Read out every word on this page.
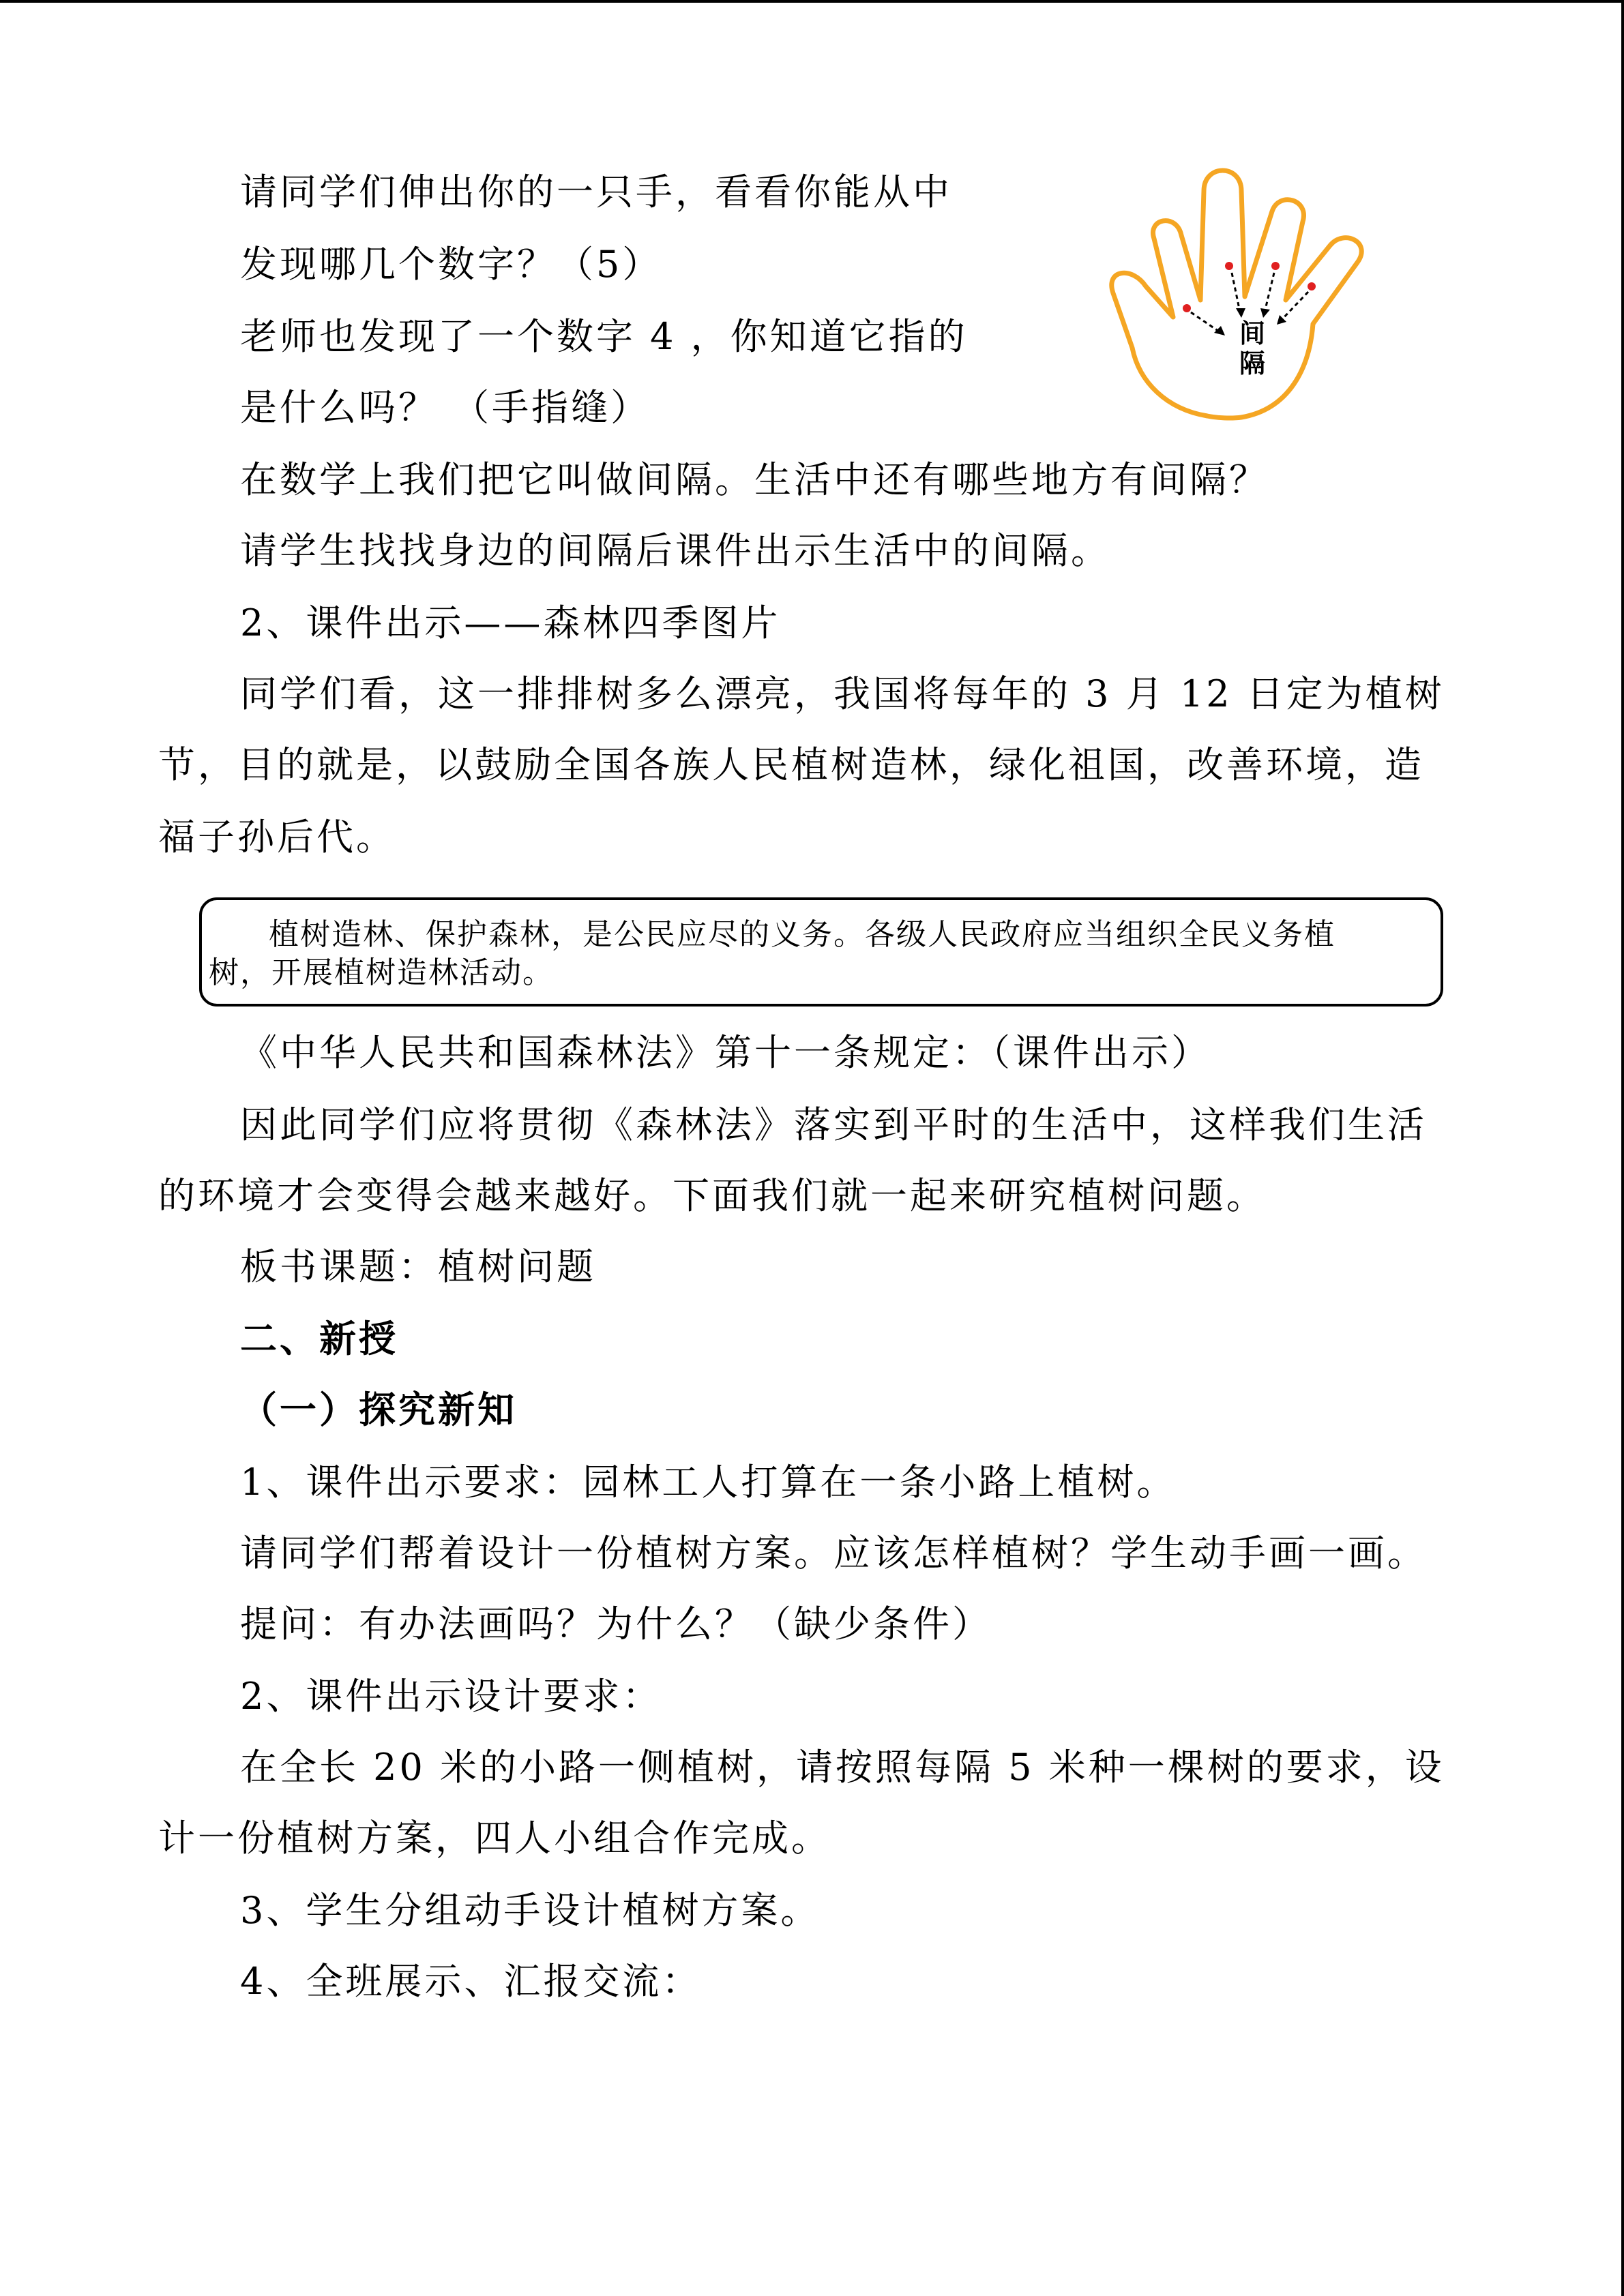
请同学们伸出你的一只手，看看你能从中
发现哪几个数字？（5）
老师也发现了一个数字 4 ，你知道它指的
是什么吗？ （手指缝）
在数学上我们把它叫做间隔。生活中还有哪些地方有间隔？
请学生找找身边的间隔后课件出示生活中的间隔。
2、课件出示——森林四季图片
同学们看，这一排排树多么漂亮，我国将每年的 3 月 12 日定为植树
节，目的就是，以鼓励全国各族人民植树造林，绿化祖国，改善环境，造
福子孙后代。
植树造林、保护森林，是公民应尽的义务。各级人民政府应当组织全民义务植
树，开展植树造林活动。
《中华人民共和国森林法》第十一条规定：（课件出示）
因此同学们应将贯彻《森林法》落实到平时的生活中，这样我们生活
的环境才会变得会越来越好。下面我们就一起来研究植树问题。
板书课题：植树问题
二、新授
（一）探究新知
1、课件出示要求：园林工人打算在一条小路上植树。
请同学们帮着设计一份植树方案。应该怎样植树？学生动手画一画。
提问：有办法画吗？为什么？（缺少条件）
2、课件出示设计要求：
在全长 20 米的小路一侧植树，请按照每隔 5 米种一棵树的要求，设
计一份植树方案，四人小组合作完成。
3、学生分组动手设计植树方案。
4、全班展示、汇报交流：
间
隔
